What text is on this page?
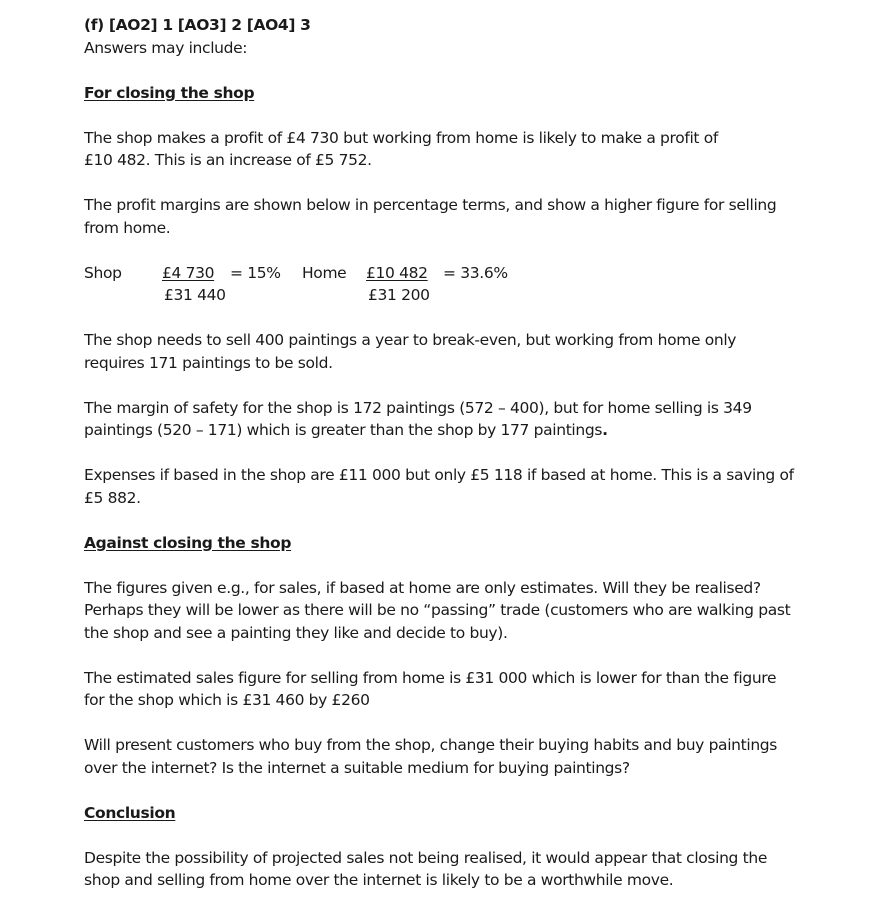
(f) [AO2] 1 [AO3] 2 [AO4] 3
Answers may include:
For closing the shop
The shop makes a profit of £4 730 but working from home is likely to make a profit of
£10 482. This is an increase of £5 752.
The profit margins are shown below in percentage terms, and show a higher figure for selling
from home.
Shop	£4 730
£31 440
= 15% Home £10 482
£31 200
= 33.6%
The shop needs to sell 400 paintings a year to break-even, but working from home only
requires 171 paintings to be sold.
The margin of safety for the shop is 172 paintings (572 – 400), but for home selling is 349
paintings (520 – 171) which is greater than the shop by 177 paintings.
Expenses if based in the shop are £11 000 but only £5 118 if based at home. This is a saving of
£5 882.
Against closing the shop
The figures given e.g., for sales, if based at home are only estimates. Will they be realised?
Perhaps they will be lower as there will be no “passing” trade (customers who are walking past
the shop and see a painting they like and decide to buy).
The estimated sales figure for selling from home is £31 000 which is lower for than the figure
for the shop which is £31 460 by £260
Will present customers who buy from the shop, change their buying habits and buy paintings
over the internet? Is the internet a suitable medium for buying paintings?
Conclusion
Despite the possibility of projected sales not being realised, it would appear that closing the
shop and selling from home over the internet is likely to be a worthwhile move.
